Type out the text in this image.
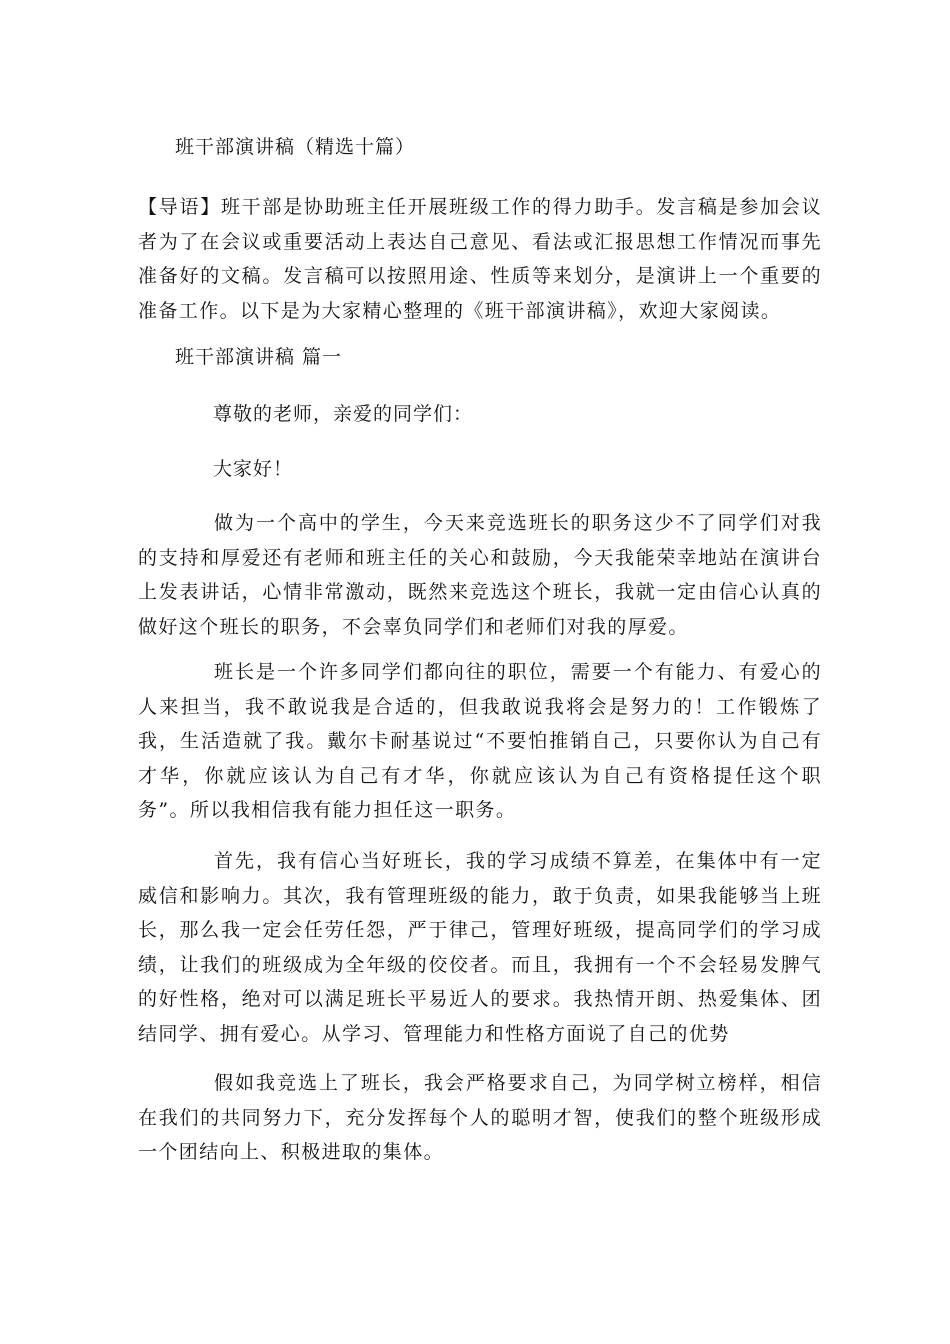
班干部演讲稿（精选十篇）

【导语】班干部是协助班主任开展班级工作的得力助手。发言稿是参加会议者为了在会议或重要活动上表达自己意见、看法或汇报思想工作情况而事先准备好的文稿。发言稿可以按照用途、性质等来划分，是演讲上一个重要的准备工作。以下是为大家精心整理的《班干部演讲稿》，欢迎大家阅读。

班干部演讲稿 篇一
尊敬的老师，亲爱的同学们：
大家好！

做为一个高中的学生，今天来竞选班长的职务这少不了同学们对我的支持和厚爱还有老师和班主任的关心和鼓励，今天我能荣幸地站在演讲台上发表讲话，心情非常激动，既然来竞选这个班长，我就一定由信心认真的做好这个班长的职务，不会辜负同学们和老师们对我的厚爱。

班长是一个许多同学们都向往的职位，需要一个有能力、有爱心的人来担当，我不敢说我是合适的，但我敢说我将会是努力的！工作锻炼了我，生活造就了我。戴尔卡耐基说过“不要怕推销自己，只要你认为自己有才华，你就应该认为自己有才华，你就应该认为自己有资格提任这个职务”。所以我相信我有能力担任这一职务。

首先，我有信心当好班长，我的学习成绩不算差，在集体中有一定威信和影响力。其次，我有管理班级的能力，敢于负责，如果我能够当上班长，那么我一定会任劳任怨，严于律己，管理好班级，提高同学们的学习成绩，让我们的班级成为全年级的佼佼者。而且，我拥有一个不会轻易发脾气的好性格，绝对可以满足班长平易近人的要求。我热情开朗、热爱集体、团结同学、拥有爱心。从学习、管理能力和性格方面说了自己的优势

假如我竞选上了班长，我会严格要求自己，为同学树立榜样，相信在我们的共同努力下，充分发挥每个人的聪明才智，使我们的整个班级形成一个团结向上、积极进取的集体。
